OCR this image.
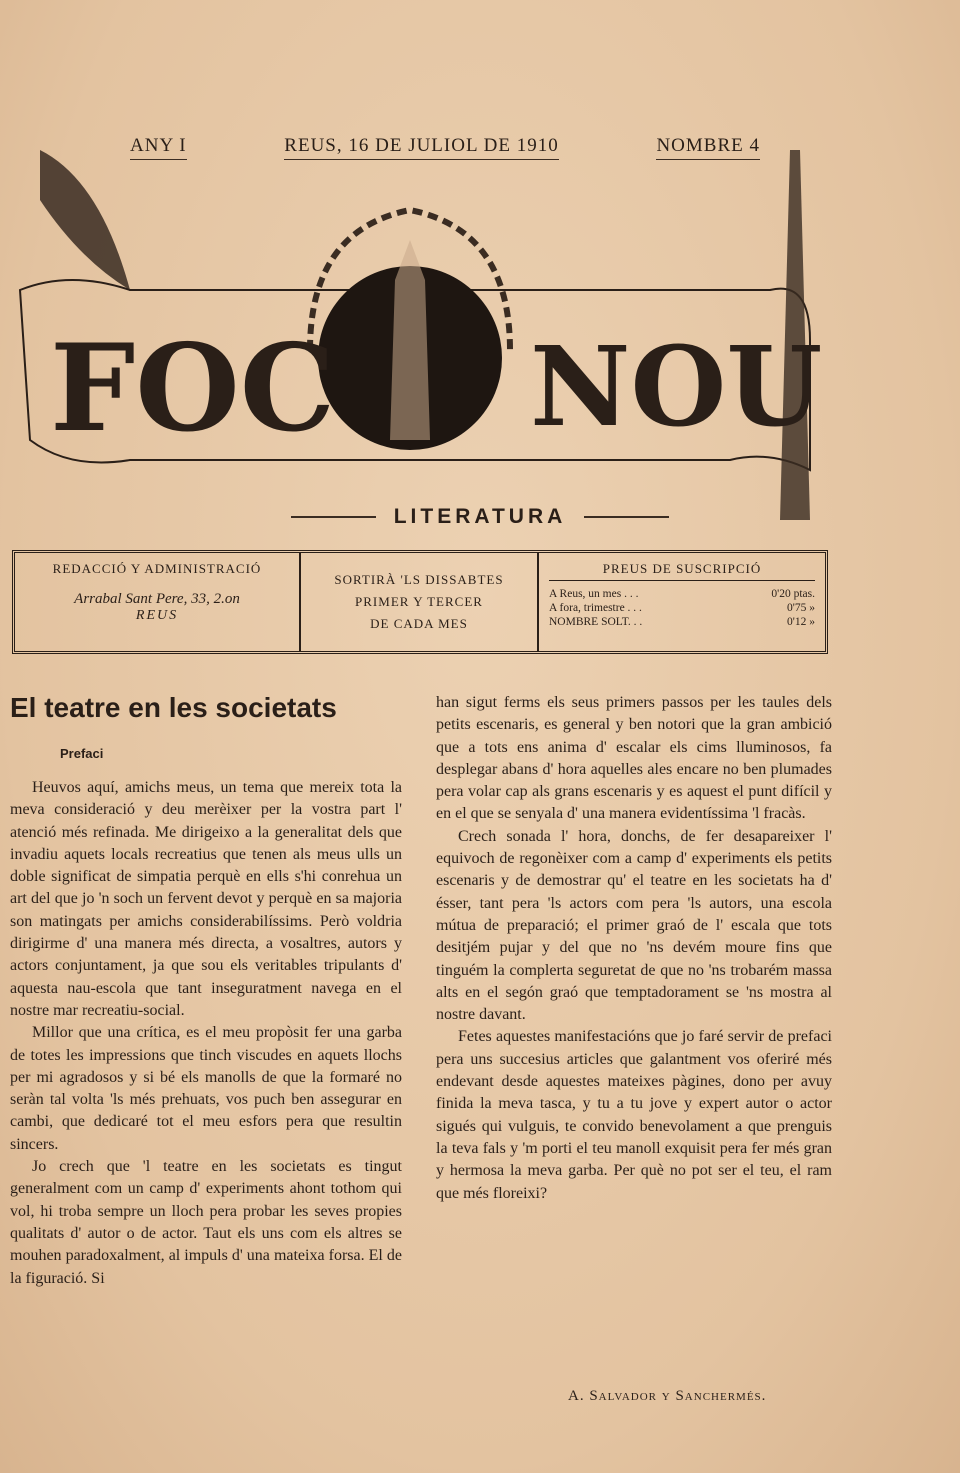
ANY I	REUS, 16 DE JULIOL DE 1910	NOMBRE 4
FOC NOU
LITERATURA
REDACCIÓ Y ADMINISTRACIÓ
Arrabal Sant Pere, 33, 2.on
REUS
SORTIRÀ 'LS DISSABTES
PRIMER Y TERCER
DE CADA MES
PREUS DE SUSCRIPCIÓ
A Reus, un mes . . .	0'20 ptas.
A fora, trimestre . . .	0'75 »
NOMBRE SOLT. . .	0'12 »
El teatre en les societats
Prefaci

Heuvos aquí, amichs meus, un tema que mereix tota la meva consideració y deu merèixer per la vostra part l' atenció més refinada. Me dirigeixo a la generalitat dels que invadiu aquets locals recreatius que tenen als meus ulls un doble significat de simpatia perquè en ells s'hi conrehua un art del que jo 'n soch un fervent devot y perquè en sa majoria son matingats per amichs considerabilíssims. Però voldria dirigirme d' una manera més directa, a vosaltres, autors y actors conjuntament, ja que sou els veritables tripulants d' aquesta nau-escola que tant inseguratment navega en el nostre mar recreatiu-social.

Millor que una crítica, es el meu propòsit fer una garba de totes les impressions que tinch viscudes en aquets llochs per mi agradosos y si bé els manolls de que la formaré no seràn tal volta 'ls més prehuats, vos puch ben assegurar en cambi, que dedicaré tot el meu esfors pera que resultin sincers.

Jo crech que 'l teatre en les societats es tingut generalment com un camp d' experiments ahont tothom qui vol, hi troba sempre un lloch pera probar les seves propies qualitats d' autor o de actor. Taut els uns com els altres se mouhen paradoxalment, al impuls d' una mateixa forsa. El de la figuració. Si

han sigut ferms els seus primers passos per les taules dels petits escenaris, es general y ben notori que la gran ambició que a tots ens anima d' escalar els cims lluminosos, fa desplegar abans d' hora aquelles ales encare no ben plumades pera volar cap als grans escenaris y es aquest el punt difícil y en el que se senyala d' una manera evidentíssima 'l fracàs.

Crech sonada l' hora, donchs, de fer desapareixer l' equivoch de regonèixer com a camp d' experiments els petits escenaris y de demostrar qu' el teatre en les societats ha d' ésser, tant pera 'ls actors com pera 'ls autors, una escola mútua de preparació; el primer graó de l' escala que tots desitjém pujar y del que no 'ns devém moure fins que tinguém la complerta seguretat de que no 'ns trobarém massa alts en el segón graó que temptadorament se 'ns mostra al nostre davant.

Fetes aquestes manifestacións que jo faré servir de prefaci pera uns succesius articles que galantment vos oferiré més endevant desde aquestes mateixes pàgines, dono per avuy finida la meva tasca, y tu a tu jove y expert autor o actor sigués qui vulguis, te convido benevolament a que prenguis la teva fals y 'm porti el teu manoll exquisit pera fer més gran y hermosa la meva garba. Per què no pot ser el teu, el ram que més floreixi?

A. Salvador y Sanchermés.
